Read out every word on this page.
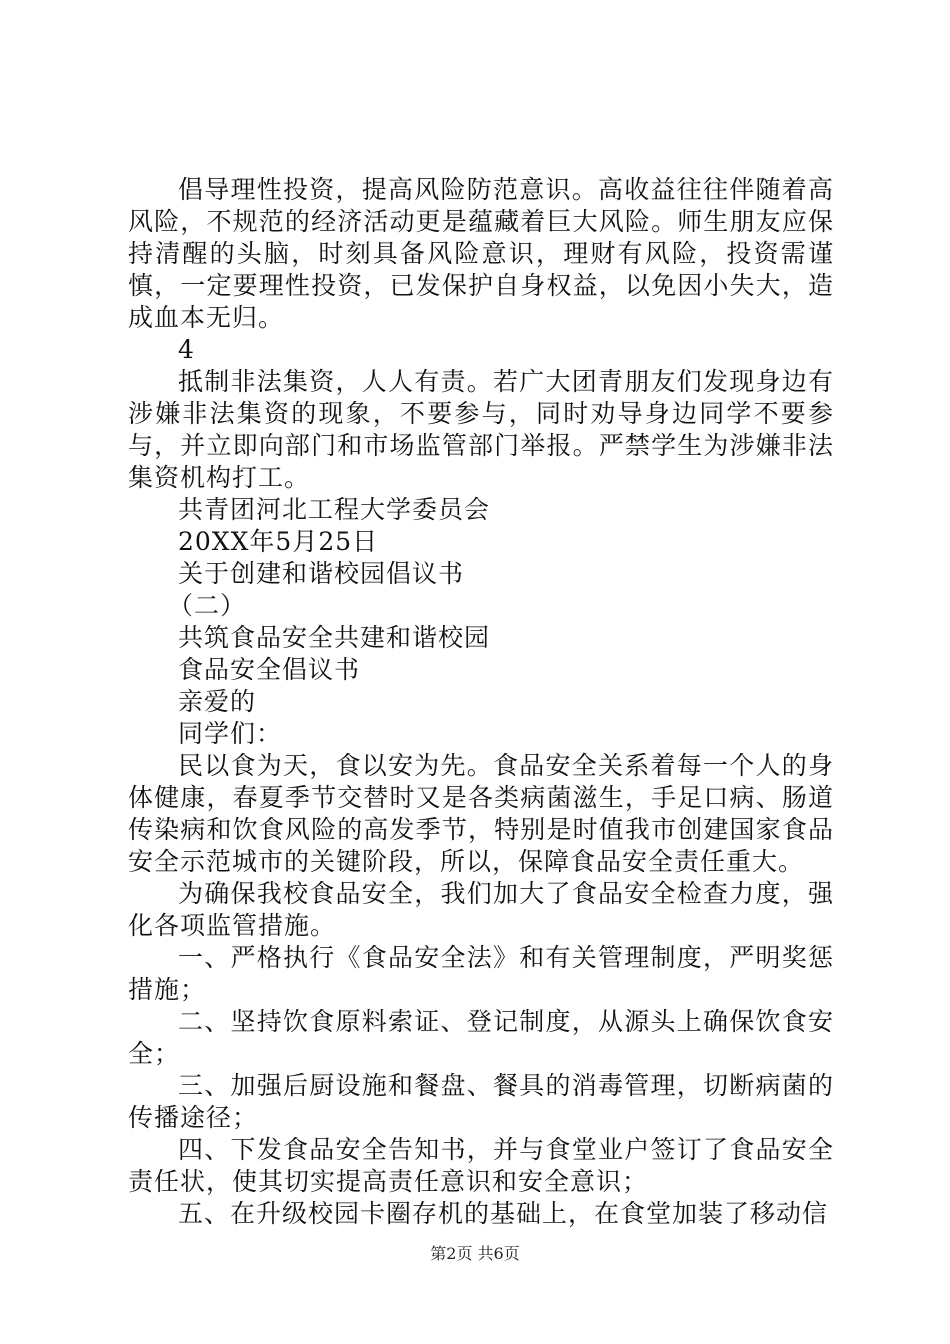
倡导理性投资，提高风险防范意识。高收益往往伴随着高风险，不规范的经济活动更是蕴藏着巨大风险。师生朋友应保持清醒的头脑，时刻具备风险意识，理财有风险，投资需谨慎，一定要理性投资，已发保护自身权益，以免因小失大，造成血本无归。

4

抵制非法集资，人人有责。若广大团青朋友们发现身边有涉嫌非法集资的现象，不要参与，同时劝导身边同学不要参与，并立即向部门和市场监管部门举报。严禁学生为涉嫌非法集资机构打工。

共青团河北工程大学委员会

20XX年5月25日

关于创建和谐校园倡议书

（二）

共筑食品安全共建和谐校园

食品安全倡议书

亲爱的

同学们：

民以食为天，食以安为先。食品安全关系着每一个人的身体健康，春夏季节交替时又是各类病菌滋生，手足口病、肠道传染病和饮食风险的高发季节，特别是时值我市创建国家食品安全示范城市的关键阶段，所以，保障食品安全责任重大。

为确保我校食品安全，我们加大了食品安全检查力度，强化各项监管措施。

一、严格执行《食品安全法》和有关管理制度，严明奖惩措施；

二、坚持饮食原料索证、登记制度，从源头上确保饮食安全；

三、加强后厨设施和餐盘、餐具的消毒管理，切断病菌的传播途径；

四、下发食品安全告知书，并与食堂业户签订了食品安全责任状，使其切实提高责任意识和安全意识；

五、在升级校园卡圈存机的基础上，在食堂加装了移动信

第2页 共6页
